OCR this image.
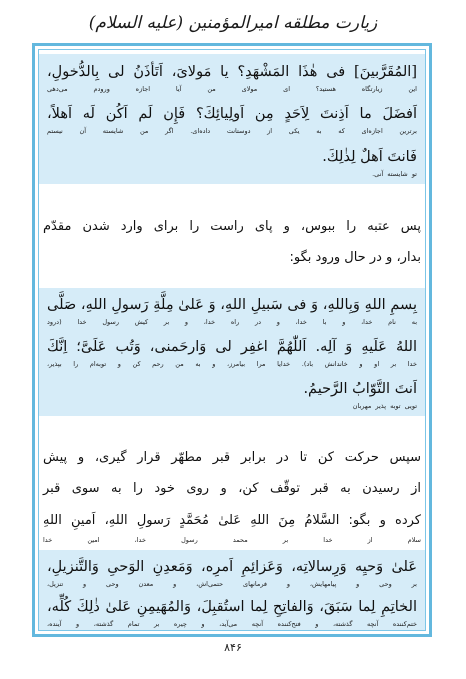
زیارت مطلقه امیرالمؤمنین (علیه السلام)
[المُقَرَّبينَ] فى هٰذَا المَشْهَدِ؟ يا مَولاىَ، اَتَأذَنُ لى بِالدُّخولِ،
این زیارتگاه هستید؟ ای مولای من آیا اجازه ورودم می‌دهی
اَفضَلَ ما اَذِنتَ لِاَحَدٍ مِن اَولِيائِكَ؟ فَإِن لَم اَكُن لَه اَهلاً،
برترین اجازه‌ای که به یکی از دوستانت دادەای. اگر من شایسته آن نیستم
فَانتَ اَهلٌ لِذٰلِكَ.
تو شایسته آنی.
پس عتبه را ببوس، و پای راست را برای وارد شدن مقدّم
بدار، و در حال ورود بگو:
بِسمِ اللهِ وَبِاللهِ، وَ فى سَبيلِ اللهِ، وَ عَلىٰ مِلَّةِ رَسولِ اللهِ، صَلَّى
به نام خدا، و با خدا، و در راه خدا، و بر کیش رسول خدا (درود
اللهُ عَلَيهِ وَ آلِه. اَللّٰهُمَّ اغفِر لى وَارحَمنى، وَتُب عَلَىَّ؛ اِنَّكَ
خدا بر او و خاندانش باد). خدایا مرا بیامرز، و به من رحم کن و توبه‌ام را بپذیر،
اَنتَ التَّوّابُ الرَّحيمُ.
تویی توبه پذیر مهربان
سپس حرکت کن تا در برابر قبر مطهّر قرار گیری، و پیش
از رسیدن به قبر توقّف کن، و روی خود را به سوی قبر
کرده و بگو: السَّلامُ مِنَ اللهِ عَلىٰ مُحَمَّدٍ رَسولِ اللهِ، اَمينِ اللهِ
سلام از خدا بر محمد رسول خدا، امین خدا
عَلىٰ وَحيِه وَرِسالاتِه، وَعَزائِمِ اَمرِه، وَمَعدِنِ الوَحىِ وَالتَّنزيلِ،
بر وحی و پیامهایش، و فرمانهای حتمی‌اش، و معدن وحی و تنزیل،
الخاتِمِ لِما سَبَقَ، وَالفاتِحِ لِما استُقبِلَ، وَالمُهَيمِنِ عَلىٰ ذٰلِكَ كُلِّه،
ختم‌کننده آنچه گذشته، و فتح‌کننده آنچه می‌آید، و چیره بر تمام گذشته، و آینده،
۸۴۶
